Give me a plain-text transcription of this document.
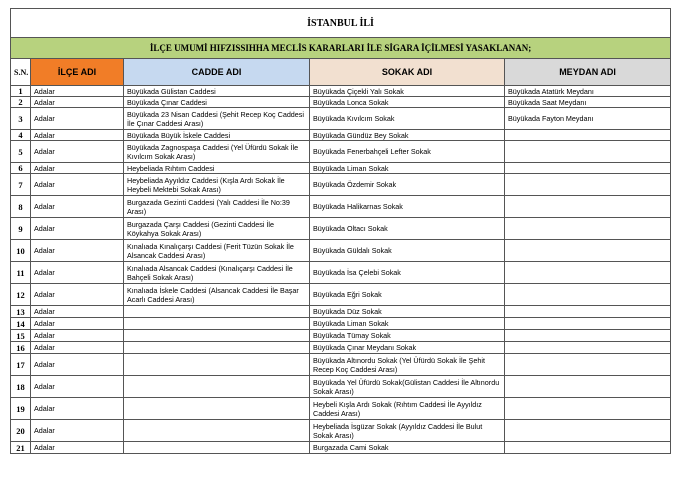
İSTANBUL İLİ				
İLÇE UMUMİ HIFZISSIHHA MECLİS KARARLARI İLE SİGARA İÇİLMESİ YASAKLANAN;				
S.N.	İLÇE ADI	CADDE ADI	SOKAK ADI	MEYDAN ADI
1	Adalar	Büyükada Gülistan Caddesi	Büyükada Çiçekli Yalı Sokak	Büyükada Atatürk Meydanı
2	Adalar	Büyükada Çınar Caddesi	Büyükada Lonca Sokak	Büyükada Saat Meydanı
3	Adalar	Büyükada 23 Nisan Caddesi (Şehit Recep Koç Caddesi İle Çınar Caddesi Arası)	Büyükada Kıvılcım Sokak	Büyükada Fayton Meydanı
4	Adalar	Büyükada Büyük İskele Caddesi	Büyükada Gündüz Bey Sokak	
5	Adalar	Büyükada Zagnospaşa Caddesi (Yel Üfürdü Sokak İle Kıvılcım Sokak Arası)	Büyükada Fenerbahçeli Lefter Sokak	
6	Adalar	Heybeliada Rıhtım Caddesi	Büyükada Liman Sokak	
7	Adalar	Heybeliada Ayyıldız Caddesi (Kışla Ardı Sokak İle Heybeli Mektebi Sokak Arası)	Büyükada Özdemir Sokak	
8	Adalar	Burgazada Gezinti Caddesi (Yalı Caddesi İle No:39 Arası)	Büyükada Halikarnas Sokak	
9	Adalar	Burgazada Çarşı Caddesi (Gezinti Caddesi İle Köykahya Sokak Arası)	Büyükada Oltacı Sokak	
10	Adalar	Kınalıada Kınalıçarşı Caddesi (Ferit Tüzün Sokak İle Alsancak Caddesi Arası)	Büyükada Güldalı Sokak	
11	Adalar	Kınalıada Alsancak Caddesi (Kınalıçarşı Caddesi İle Bahçeli Sokak Arası)	Büyükada İsa Çelebi Sokak	
12	Adalar	Kınalıada İskele Caddesi (Alsancak Caddesi İle Başar Acarlı Caddesi Arası)	Büyükada Eğri Sokak	
13	Adalar		Büyükada Düz Sokak	
14	Adalar		Büyükada Liman Sokak	
15	Adalar		Büyükada Tümay Sokak	
16	Adalar		Büyükada Çınar Meydanı Sokak	
17	Adalar		Büyükada Altınordu Sokak (Yel Üfürdü Sokak İle Şehit Recep Koç Caddesi Arası)	
18	Adalar		Büyükada Yel Üfürdü Sokak(Gülistan Caddesi İle Altınordu Sokak Arası)	
19	Adalar		Heybeli Kışla Ardı Sokak (Rıhtım Caddesi İle Ayyıldız Caddesi Arası)	
20	Adalar		Heybeliada İsgüzar Sokak (Ayyıldız Caddesi İle Bulut Sokak Arası)	
21	Adalar		Burgazada Cami Sokak	
